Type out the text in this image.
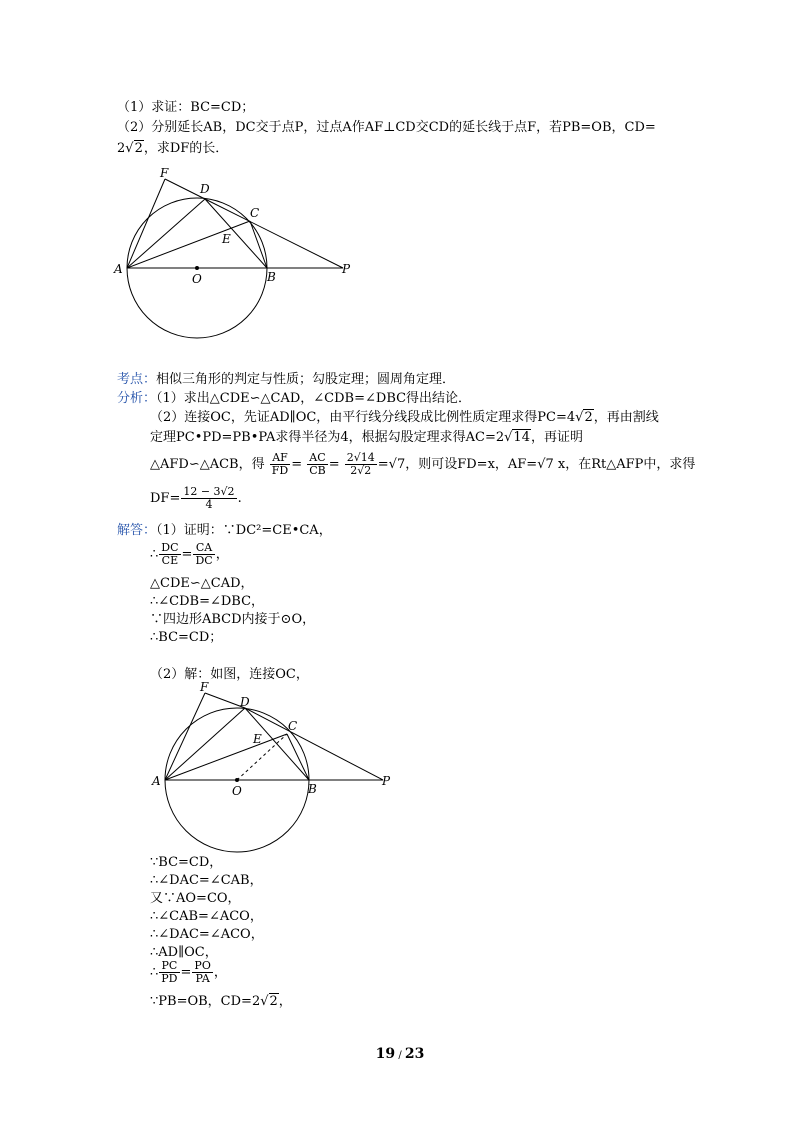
（1）求证：BC=CD；
（2）分别延长AB，DC交于点P，过点A作AF⊥CD交CD的延长线于点F，若PB=OB，CD=
2√2，求DF的长．
F
D
C
E
A
O	B
P
考点：相似三角形的判定与性质；勾股定理；圆周角定理．
分析：（1）求出△CDE∽△CAD，∠CDB=∠DBC得出结论．
（2）连接OC，先证AD∥OC，由平行线分线段成比例性质定理求得PC=4√2，再由割线
定理PC•PD=PB•PA求得半径为4，根据勾股定理求得AC=2√14，再证明
△AFD∽△ACB，得 $\frac{AF}{FD} = \frac{AC}{CB} = \frac{2√14}{2√2} =√7$，则可设FD=x，AF=√7 x，在Rt△AFP中，求得
$DF= \frac{12 - 3√2}{4}$ .
解答：（1）证明：∵DC²=CE•CA，
∴ $\frac{DC}{CE} = \frac{CA}{DC}$ ，
△CDE∽△CAD，
∴∠CDB=∠DBC，
∵四边形ABCD内接于⊙O，
∴BC=CD；
（2）解：如图，连接OC，
F
D
C
E
A
O	B
P
∵BC=CD，
∴∠DAC=∠CAB，
又∵AO=CO，
∴∠CAB=∠ACO，
∴∠DAC=∠ACO，
∴AD∥OC，
∴ $\frac{PC}{PD} = \frac{PO}{PA}$ ，
∵PB=OB，CD=2√2，
19 / 23
